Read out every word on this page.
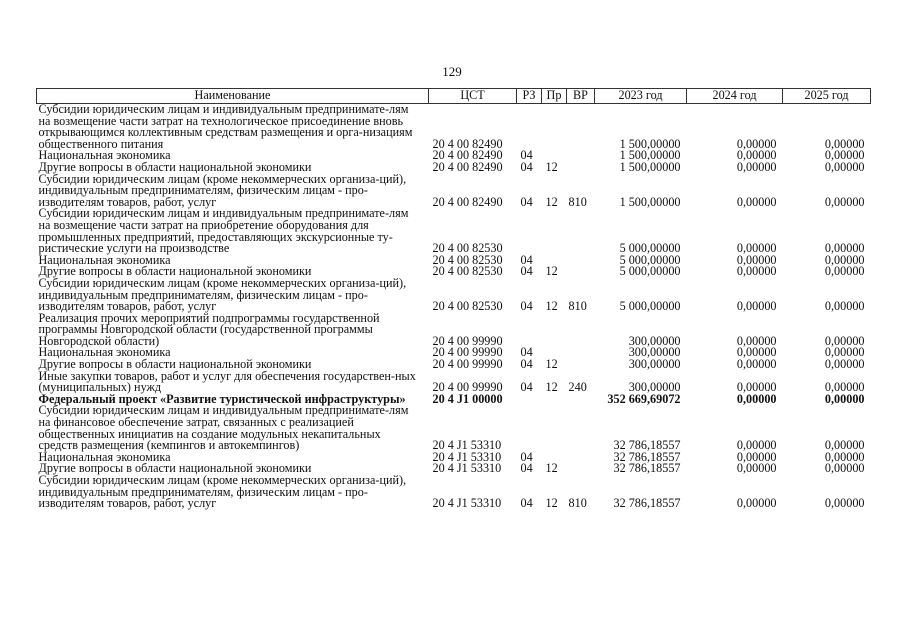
129
Наименование	ЦСТ	РЗ	Пр	ВР	2023 год	2024 год	2025 год
Субсидии юридическим лицам и индивидуальным предпринимате-лям на возмещение части затрат на технологическое присоединение вновь открывающимся коллективным средствам размещения и орга-низациям общественного питания	20 4 00 82490				1 500,00000	0,00000	0,00000
Национальная экономика	20 4 00 82490	04			1 500,00000	0,00000	0,00000
Другие вопросы в области национальной экономики	20 4 00 82490	04	12		1 500,00000	0,00000	0,00000
Субсидии юридическим лицам (кроме некоммерческих организа-ций), индивидуальным предпринимателям, физическим лицам - про-изводителям товаров, работ, услуг	20 4 00 82490	04	12	810	1 500,00000	0,00000	0,00000
Субсидии юридическим лицам и индивидуальным предпринимате-лям на возмещение части затрат на приобретение оборудования для промышленных предприятий, предоставляющих экскурсионные ту-ристические услуги на производстве	20 4 00 82530				5 000,00000	0,00000	0,00000
Национальная экономика	20 4 00 82530	04			5 000,00000	0,00000	0,00000
Другие вопросы в области национальной экономики	20 4 00 82530	04	12		5 000,00000	0,00000	0,00000
Субсидии юридическим лицам (кроме некоммерческих организа-ций), индивидуальным предпринимателям, физическим лицам - про-изводителям товаров, работ, услуг	20 4 00 82530	04	12	810	5 000,00000	0,00000	0,00000
Реализация прочих мероприятий подпрограммы государственной программы Новгородской области (государственной программы Новгородской области)	20 4 00 99990				300,00000	0,00000	0,00000
Национальная экономика	20 4 00 99990	04			300,00000	0,00000	0,00000
Другие вопросы в области национальной экономики	20 4 00 99990	04	12		300,00000	0,00000	0,00000
Иные закупки товаров, работ и услуг для обеспечения государствен-ных (муниципальных) нужд	20 4 00 99990	04	12	240	300,00000	0,00000	0,00000
Федеральный проект «Развитие туристической инфраструктуры»	20 4 J1 00000				352 669,69072	0,00000	0,00000
Субсидии юридическим лицам и индивидуальным предпринимате-лям на финансовое обеспечение затрат, связанных с реализацией общественных инициатив на создание модульных некапитальных средств размещения (кемпингов и автокемпингов)	20 4 J1 53310				32 786,18557	0,00000	0,00000
Национальная экономика	20 4 J1 53310	04			32 786,18557	0,00000	0,00000
Другие вопросы в области национальной экономики	20 4 J1 53310	04	12		32 786,18557	0,00000	0,00000
Субсидии юридическим лицам (кроме некоммерческих организа-ций), индивидуальным предпринимателям, физическим лицам - про-изводителям товаров, работ, услуг	20 4 J1 53310	04	12	810	32 786,18557	0,00000	0,00000
